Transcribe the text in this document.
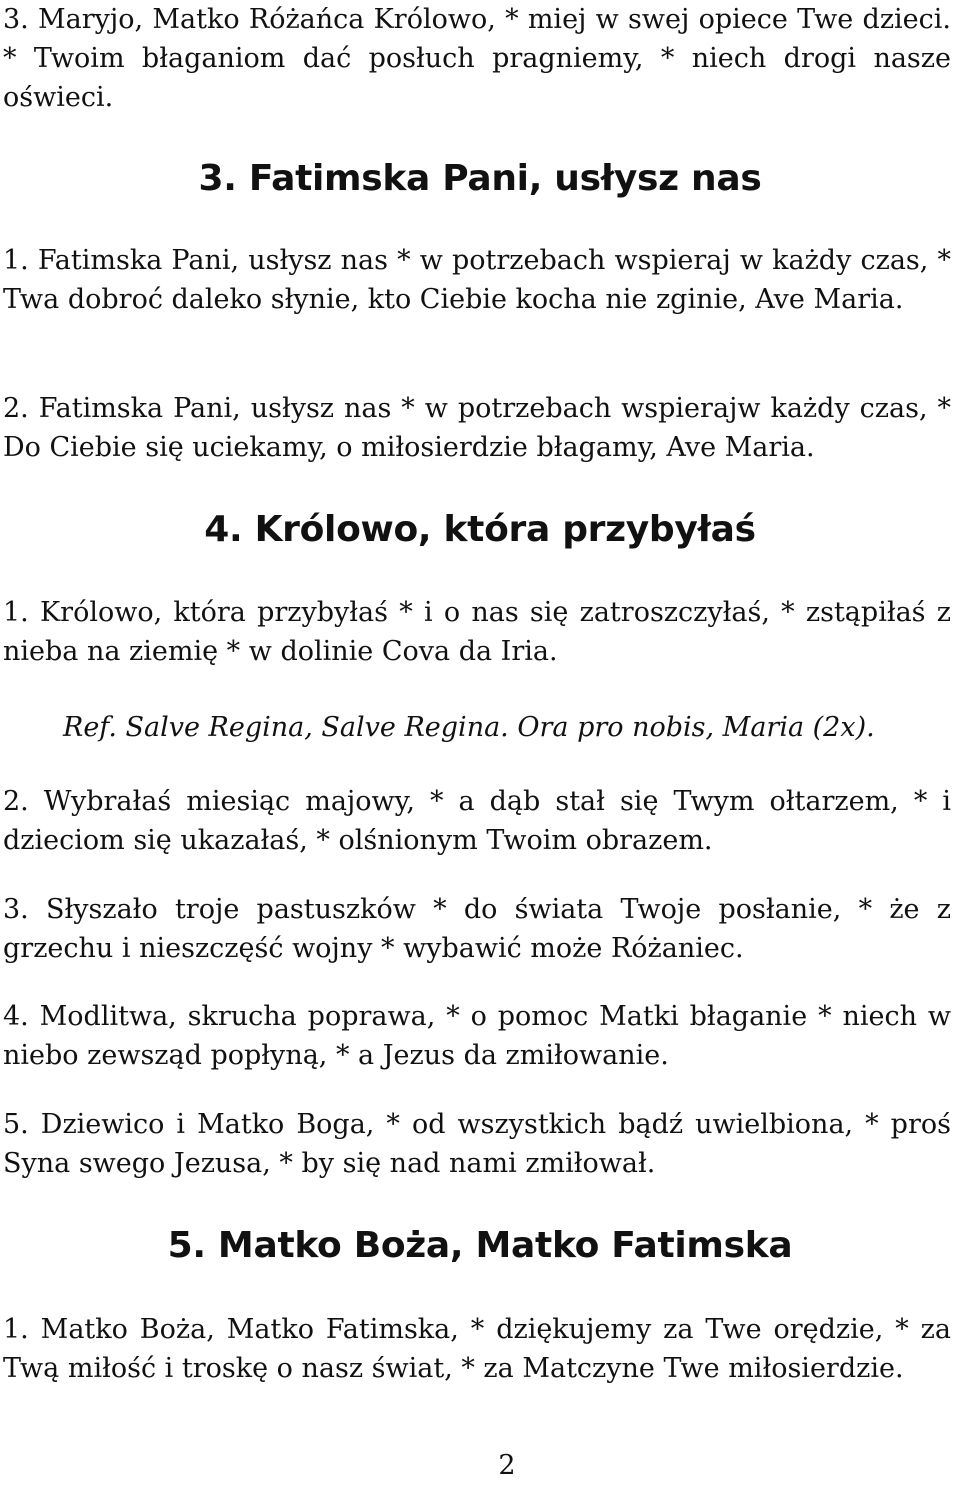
3. Maryjo, Matko Różańca Królowo, * miej w swej opiece Twe dzieci. * Twoim błaganiom dać posłuch pragniemy, * niech drogi nasze oświeci.

3. Fatimska Pani, usłysz nas

1. Fatimska Pani, usłysz nas * w potrzebach wspieraj w każdy czas, * Twa dobroć daleko słynie, kto Ciebie kocha nie zginie, Ave Maria.

2. Fatimska Pani, usłysz nas * w potrzebach wspierajw każdy czas, * Do Ciebie się uciekamy, o miłosierdzie błagamy, Ave Maria.

4. Królowo, która przybyłaś

1. Królowo, która przybyłaś * i o nas się zatroszczyłaś, * zstąpiłaś z nieba na ziemię * w dolinie Cova da Iria.

Ref. Salve Regina, Salve Regina. Ora pro nobis, Maria (2x).

2. Wybrałaś miesiąc majowy, * a dąb stał się Twym ołtarzem, * i dzieciom się ukazałaś, * olśnionym Twoim obrazem.

3. Słyszało troje pastuszków * do świata Twoje posłanie, * że z grzechu i nieszczęść wojny * wybawić może Różaniec.

4. Modlitwa, skrucha poprawa, * o pomoc Matki błaganie * niech w niebo zewsząd popłyną, * a Jezus da zmiłowanie.

5. Dziewico i Matko Boga, * od wszystkich bądź uwielbiona, * proś Syna swego Jezusa, * by się nad nami zmiłował.

5. Matko Boża, Matko Fatimska

1. Matko Boża, Matko Fatimska, * dziękujemy za Twe orędzie, * za Twą miłość i troskę o nasz świat, * za Matczyne Twe miłosierdzie.

2
